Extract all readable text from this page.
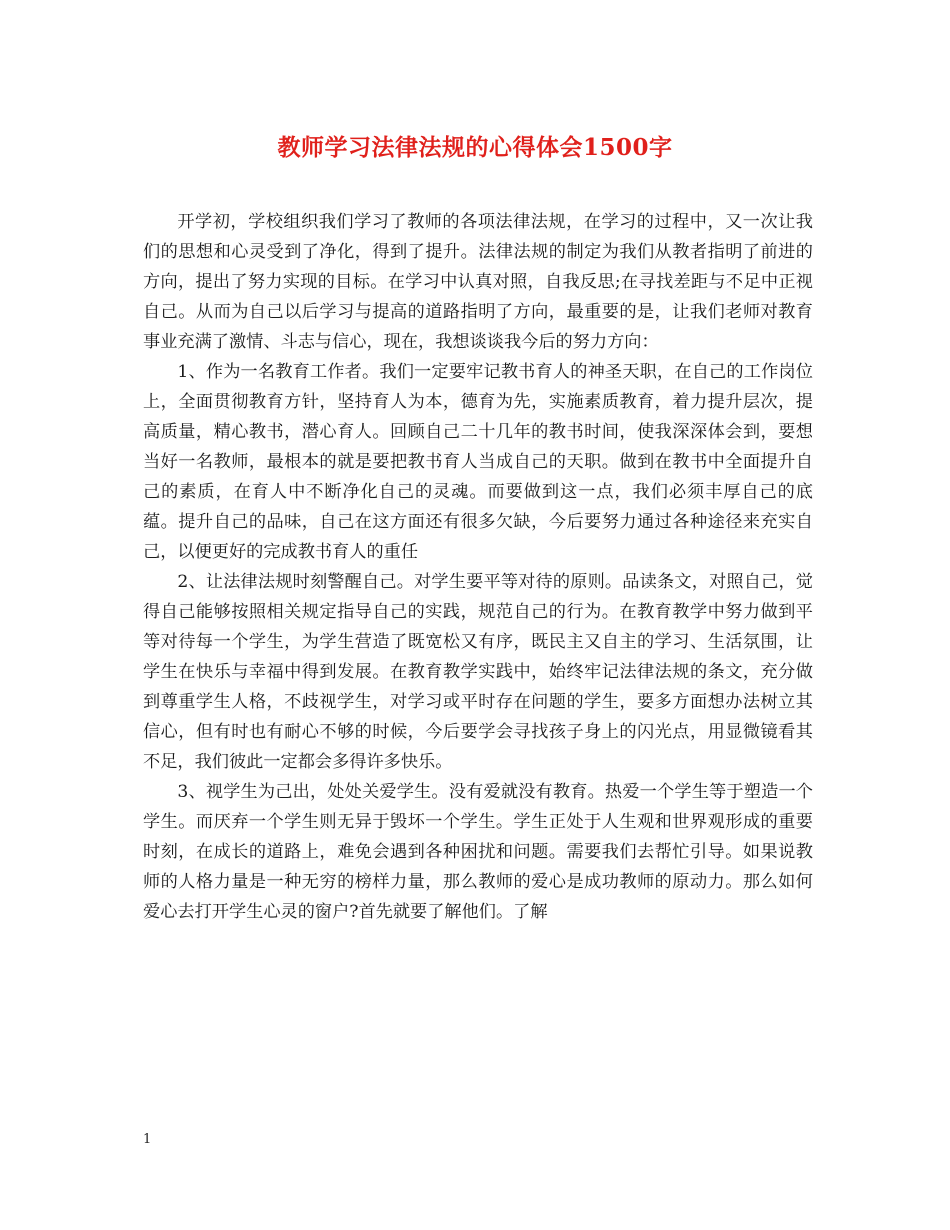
教师学习法律法规的心得体会1500字

开学初，学校组织我们学习了教师的各项法律法规，在学习的过程中，又一次让我们的思想和心灵受到了净化，得到了提升。法律法规的制定为我们从教者指明了前进的方向，提出了努力实现的目标。在学习中认真对照，自我反思;在寻找差距与不足中正视自己。从而为自己以后学习与提高的道路指明了方向，最重要的是，让我们老师对教育事业充满了激情、斗志与信心，现在，我想谈谈我今后的努力方向：

1、作为一名教育工作者。我们一定要牢记教书育人的神圣天职，在自己的工作岗位上，全面贯彻教育方针，坚持育人为本，德育为先，实施素质教育，着力提升层次，提高质量，精心教书，潜心育人。回顾自己二十几年的教书时间，使我深深体会到，要想当好一名教师，最根本的就是要把教书育人当成自己的天职。做到在教书中全面提升自己的素质，在育人中不断净化自己的灵魂。而要做到这一点，我们必须丰厚自己的底蕴。提升自己的品味，自己在这方面还有很多欠缺，今后要努力通过各种途径来充实自己，以便更好的完成教书育人的重任

2、让法律法规时刻警醒自己。对学生要平等对待的原则。品读条文，对照自己，觉得自己能够按照相关规定指导自己的实践，规范自己的行为。在教育教学中努力做到平等对待每一个学生，为学生营造了既宽松又有序，既民主又自主的学习、生活氛围，让学生在快乐与幸福中得到发展。在教育教学实践中，始终牢记法律法规的条文，充分做到尊重学生人格，不歧视学生，对学习或平时存在问题的学生，要多方面想办法树立其信心，但有时也有耐心不够的时候，今后要学会寻找孩子身上的闪光点，用显微镜看其不足，我们彼此一定都会多得许多快乐。

3、视学生为己出，处处关爱学生。没有爱就没有教育。热爱一个学生等于塑造一个学生。而厌弃一个学生则无异于毁坏一个学生。学生正处于人生观和世界观形成的重要时刻，在成长的道路上，难免会遇到各种困扰和问题。需要我们去帮忙引导。如果说教师的人格力量是一种无穷的榜样力量，那么教师的爱心是成功教师的原动力。那么如何爱心去打开学生心灵的窗户?首先就要了解他们。了解

1
